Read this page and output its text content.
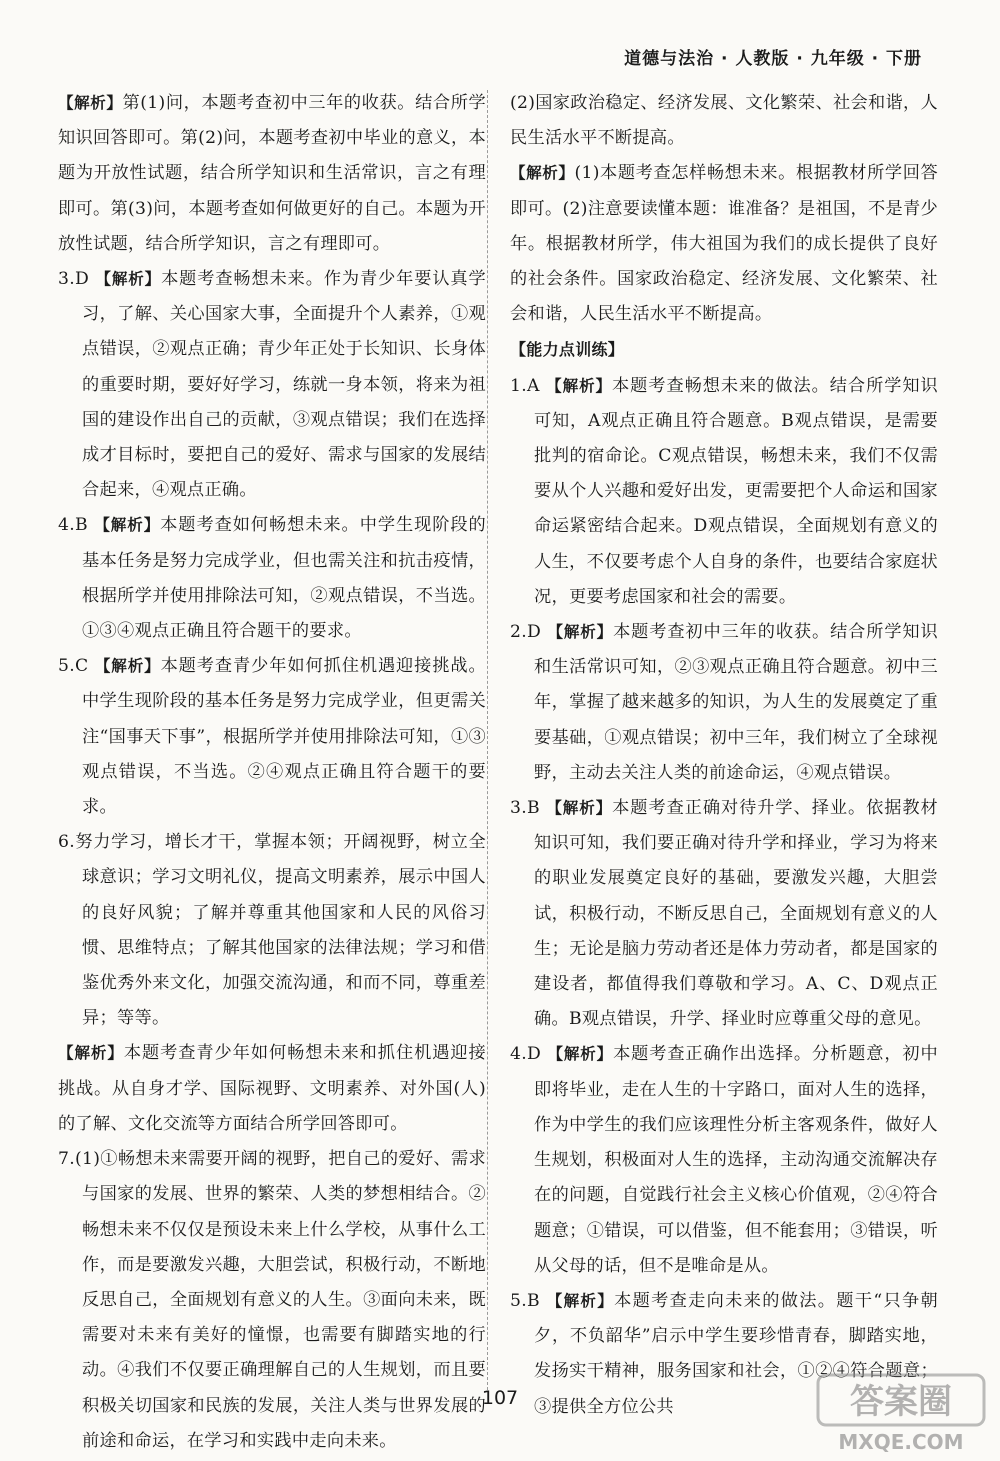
道德与法治 · 人教版 · 九年级 · 下册

【解析】第(1)问，本题考查初中三年的收获。结合所学知识回答即可。第(2)问，本题考查初中毕业的意义，本题为开放性试题，结合所学知识和生活常识，言之有理即可。第(3)问，本题考查如何做更好的自己。本题为开放性试题，结合所学知识，言之有理即可。

3.D 【解析】本题考查畅想未来。作为青少年要认真学习，了解、关心国家大事，全面提升个人素养，①观点错误，②观点正确；青少年正处于长知识、长身体的重要时期，要好好学习，练就一身本领，将来为祖国的建设作出自己的贡献，③观点错误；我们在选择成才目标时，要把自己的爱好、需求与国家的发展结合起来，④观点正确。

4.B 【解析】本题考查如何畅想未来。中学生现阶段的基本任务是努力完成学业，但也需关注和抗击疫情，根据所学并使用排除法可知，②观点错误，不当选。①③④观点正确且符合题干的要求。

5.C 【解析】本题考查青少年如何抓住机遇迎接挑战。中学生现阶段的基本任务是努力完成学业，但更需关注“国事天下事”，根据所学并使用排除法可知，①③观点错误，不当选。②④观点正确且符合题干的要求。

6.努力学习，增长才干，掌握本领；开阔视野，树立全球意识；学习文明礼仪，提高文明素养，展示中国人的良好风貌；了解并尊重其他国家和人民的风俗习惯、思维特点；了解其他国家的法律法规；学习和借鉴优秀外来文化，加强交流沟通，和而不同，尊重差异；等等。

【解析】本题考查青少年如何畅想未来和抓住机遇迎接挑战。从自身才学、国际视野、文明素养、对外国(人)的了解、文化交流等方面结合所学回答即可。

7.(1)①畅想未来需要开阔的视野，把自己的爱好、需求与国家的发展、世界的繁荣、人类的梦想相结合。②畅想未来不仅仅是预设未来上什么学校，从事什么工作，而是要激发兴趣，大胆尝试，积极行动，不断地反思自己，全面规划有意义的人生。③面向未来，既需要对未来有美好的憧憬，也需要有脚踏实地的行动。④我们不仅要正确理解自己的人生规划，而且要积极关切国家和民族的发展，关注人类与世界发展的前途和命运，在学习和实践中走向未来。

(2)国家政治稳定、经济发展、文化繁荣、社会和谐，人民生活水平不断提高。

【解析】(1)本题考查怎样畅想未来。根据教材所学回答即可。(2)注意要读懂本题：谁准备？是祖国，不是青少年。根据教材所学，伟大祖国为我们的成长提供了良好的社会条件。国家政治稳定、经济发展、文化繁荣、社会和谐，人民生活水平不断提高。

【能力点训练】

1.A 【解析】本题考查畅想未来的做法。结合所学知识可知，A观点正确且符合题意。B观点错误，是需要批判的宿命论。C观点错误，畅想未来，我们不仅需要从个人兴趣和爱好出发，更需要把个人命运和国家命运紧密结合起来。D观点错误，全面规划有意义的人生，不仅要考虑个人自身的条件，也要结合家庭状况，更要考虑国家和社会的需要。

2.D 【解析】本题考查初中三年的收获。结合所学知识和生活常识可知，②③观点正确且符合题意。初中三年，掌握了越来越多的知识，为人生的发展奠定了重要基础，①观点错误；初中三年，我们树立了全球视野，主动去关注人类的前途命运，④观点错误。

3.B 【解析】本题考查正确对待升学、择业。依据教材知识可知，我们要正确对待升学和择业，学习为将来的职业发展奠定良好的基础，要激发兴趣，大胆尝试，积极行动，不断反思自己，全面规划有意义的人生；无论是脑力劳动者还是体力劳动者，都是国家的建设者，都值得我们尊敬和学习。A、C、D观点正确。B观点错误，升学、择业时应尊重父母的意见。

4.D 【解析】本题考查正确作出选择。分析题意，初中即将毕业，走在人生的十字路口，面对人生的选择，作为中学生的我们应该理性分析主客观条件，做好人生规划，积极面对人生的选择，主动沟通交流解决存在的问题，自觉践行社会主义核心价值观，②④符合题意；①错误，可以借鉴，但不能套用；③错误，听从父母的话，但不是唯命是从。

5.B 【解析】本题考查走向未来的做法。题干“只争朝夕，不负韶华”启示中学生要珍惜青春，脚踏实地，发扬实干精神，服务国家和社会，①②④符合题意；③提供全方位公共

107	答案圈
MXQE.COM
